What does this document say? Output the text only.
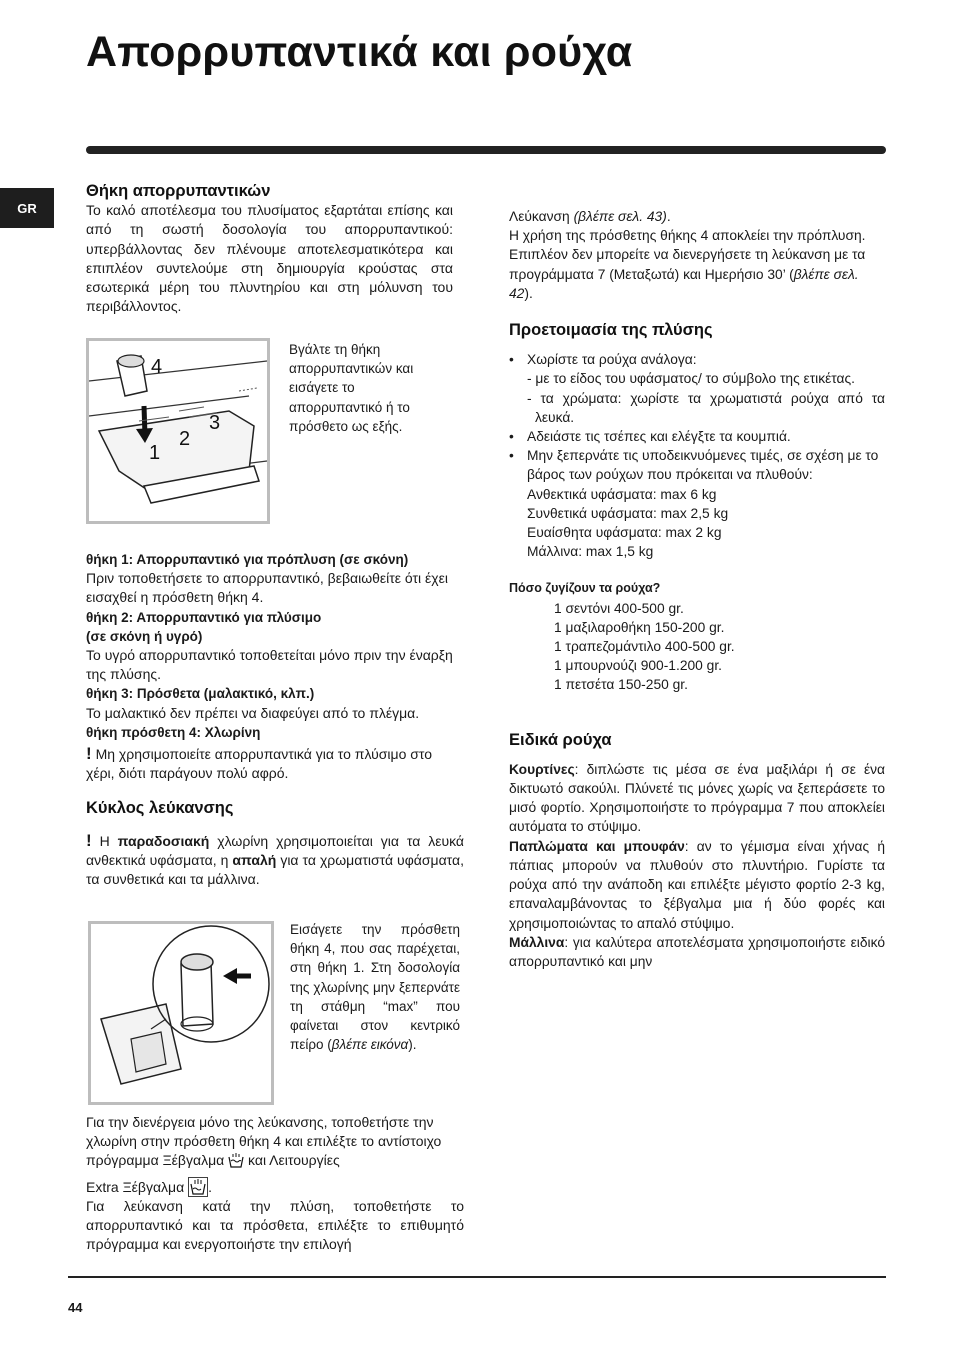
Απορρυπαντικά και ρούχα
GR
Θήκη απορρυπαντικών

Το καλό αποτέλεσμα του πλυσίματος εξαρτάται επίσης και από τη σωστή δοσολογία του απορρυπαντικού: υπερβάλλοντας δεν πλένουμε αποτελεσματικότερα και επιπλέον συντελούμε στη δημιουργία κρούστας στα εσωτερικά μέρη του πλυντηρίου και στη μόλυνση του περιβάλλοντος.

4
3
2
1

Βγάλτε τη θήκη απορρυπαντικών και εισάγετε το απορρυπαντικό ή το πρόσθετο ως εξής.

θήκη 1: Απορρυπαντικό για πρόπλυση (σε σκόνη)

Πριν τοποθετήσετε το απορρυπαντικό, βεβαιωθείτε ότι έχει εισαχθεί η πρόσθετη θήκη 4.

θήκη 2: Απορρυπαντικό για πλύσιμο

(σε σκόνη ή υγρό)

Το υγρό απορρυπαντικό τοποθετείται μόνο πριν την έναρξη της πλύσης.

θήκη 3: Πρόσθετα (μαλακτικό, κλπ.)

Το μαλακτικό δεν πρέπει να διαφεύγει από το πλέγμα.

θήκη πρόσθετη 4: Χλωρίνη

! Μη χρησιμοποιείτε απορρυπαντικά για το πλύσιμο στο χέρι, διότι παράγουν πολύ αφρό.

Κύκλος λεύκανσης

! Η παραδοσιακή χλωρίνη χρησιμοποιείται για τα λευκά ανθεκτικά υφάσματα, η απαλή για τα χρωματιστά υφάσματα, τα συνθετικά και τα μάλλινα.

Εισάγετε την πρόσθετη θήκη 4, που σας παρέχεται, στη θήκη 1. Στη δοσολογία της χλωρίνης μην ξεπερνάτε τη στάθμη “max” που φαίνεται στον κεντρικό πείρο (βλέπε εικόνα).

Για την διενέργεια μόνο της λεύκανσης, τοποθετήστε την χλωρίνη στην πρόσθετη θήκη 4 και επιλέξτε το αντίστοιχο πρόγραμμα Ξέβγαλμα και Λειτουργίες

Extra Ξέβγαλμα .

Για λεύκανση κατά την πλύση, τοποθετήστε το απορρυπαντικό και τα πρόσθετα, επιλέξτε το επιθυμητό πρόγραμμα και ενεργοποιήστε την επιλογή

Λεύκανση (βλέπε σελ. 43).

Η χρήση της πρόσθετης θήκης 4 αποκλείει την πρόπλυση. Επιπλέον δεν μπορείτε να διενεργήσετε τη λεύκανση με τα προγράμματα 7 (Μεταξωτά) και Ημερήσιο 30’ (βλέπε σελ. 42).

Προετοιμασία της πλύσης
• Χωρίστε τα ρούχα ανάλογα:
- με το είδος του υφάσματος/ το σύμβολο της ετικέτας.
- τα χρώματα: χωρίστε τα χρωματιστά ρούχα από τα λευκά.
• Αδειάστε τις τσέπες και ελέγξτε τα κουμπιά.
• Μην ξεπερνάτε τις υποδεικνυόμενες τιμές, σε σχέση με το βάρος των ρούχων που πρόκειται να πλυθούν:
Ανθεκτικά υφάσματα: max 6 kg
Συνθετικά υφάσματα: max 2,5 kg
Ευαίσθητα υφάσματα: max 2 kg
Μάλλινα: max 1,5 kg

Πόσο ζυγίζουν τα ρούχα?

1 σεντόνι 400-500 gr.
1 μαξιλαροθήκη 150-200 gr.
1 τραπεζομάντιλο 400-500 gr.
1 μπουρνούζι 900-1.200 gr.
1 πετσέτα 150-250 gr.
Ειδικά ρούχα

Κουρτίνες: διπλώστε τις μέσα σε ένα μαξιλάρι ή σε ένα δικτυωτό σακούλι. Πλύνετέ τις μόνες χωρίς να ξεπεράσετε το μισό φορτίο. Χρησιμοποιήστε το πρόγραμμα 7 που αποκλείει αυτόματα το στύψιμο.

Παπλώματα και μπουφάν: αν το γέμισμα είναι χήνας ή πάπιας μπορούν να πλυθούν στο πλυντήριο. Γυρίστε τα ρούχα από την ανάποδη και επιλέξτε μέγιστο φορτίο 2-3 kg, επαναλαμβάνοντας το ξέβγαλμα μια ή δύο φορές και χρησιμοποιώντας το απαλό στύψιμο.

Μάλλινα: για καλύτερα αποτελέσματα χρησιμοποιήστε ειδικό απορρυπαντικό και μην

44
